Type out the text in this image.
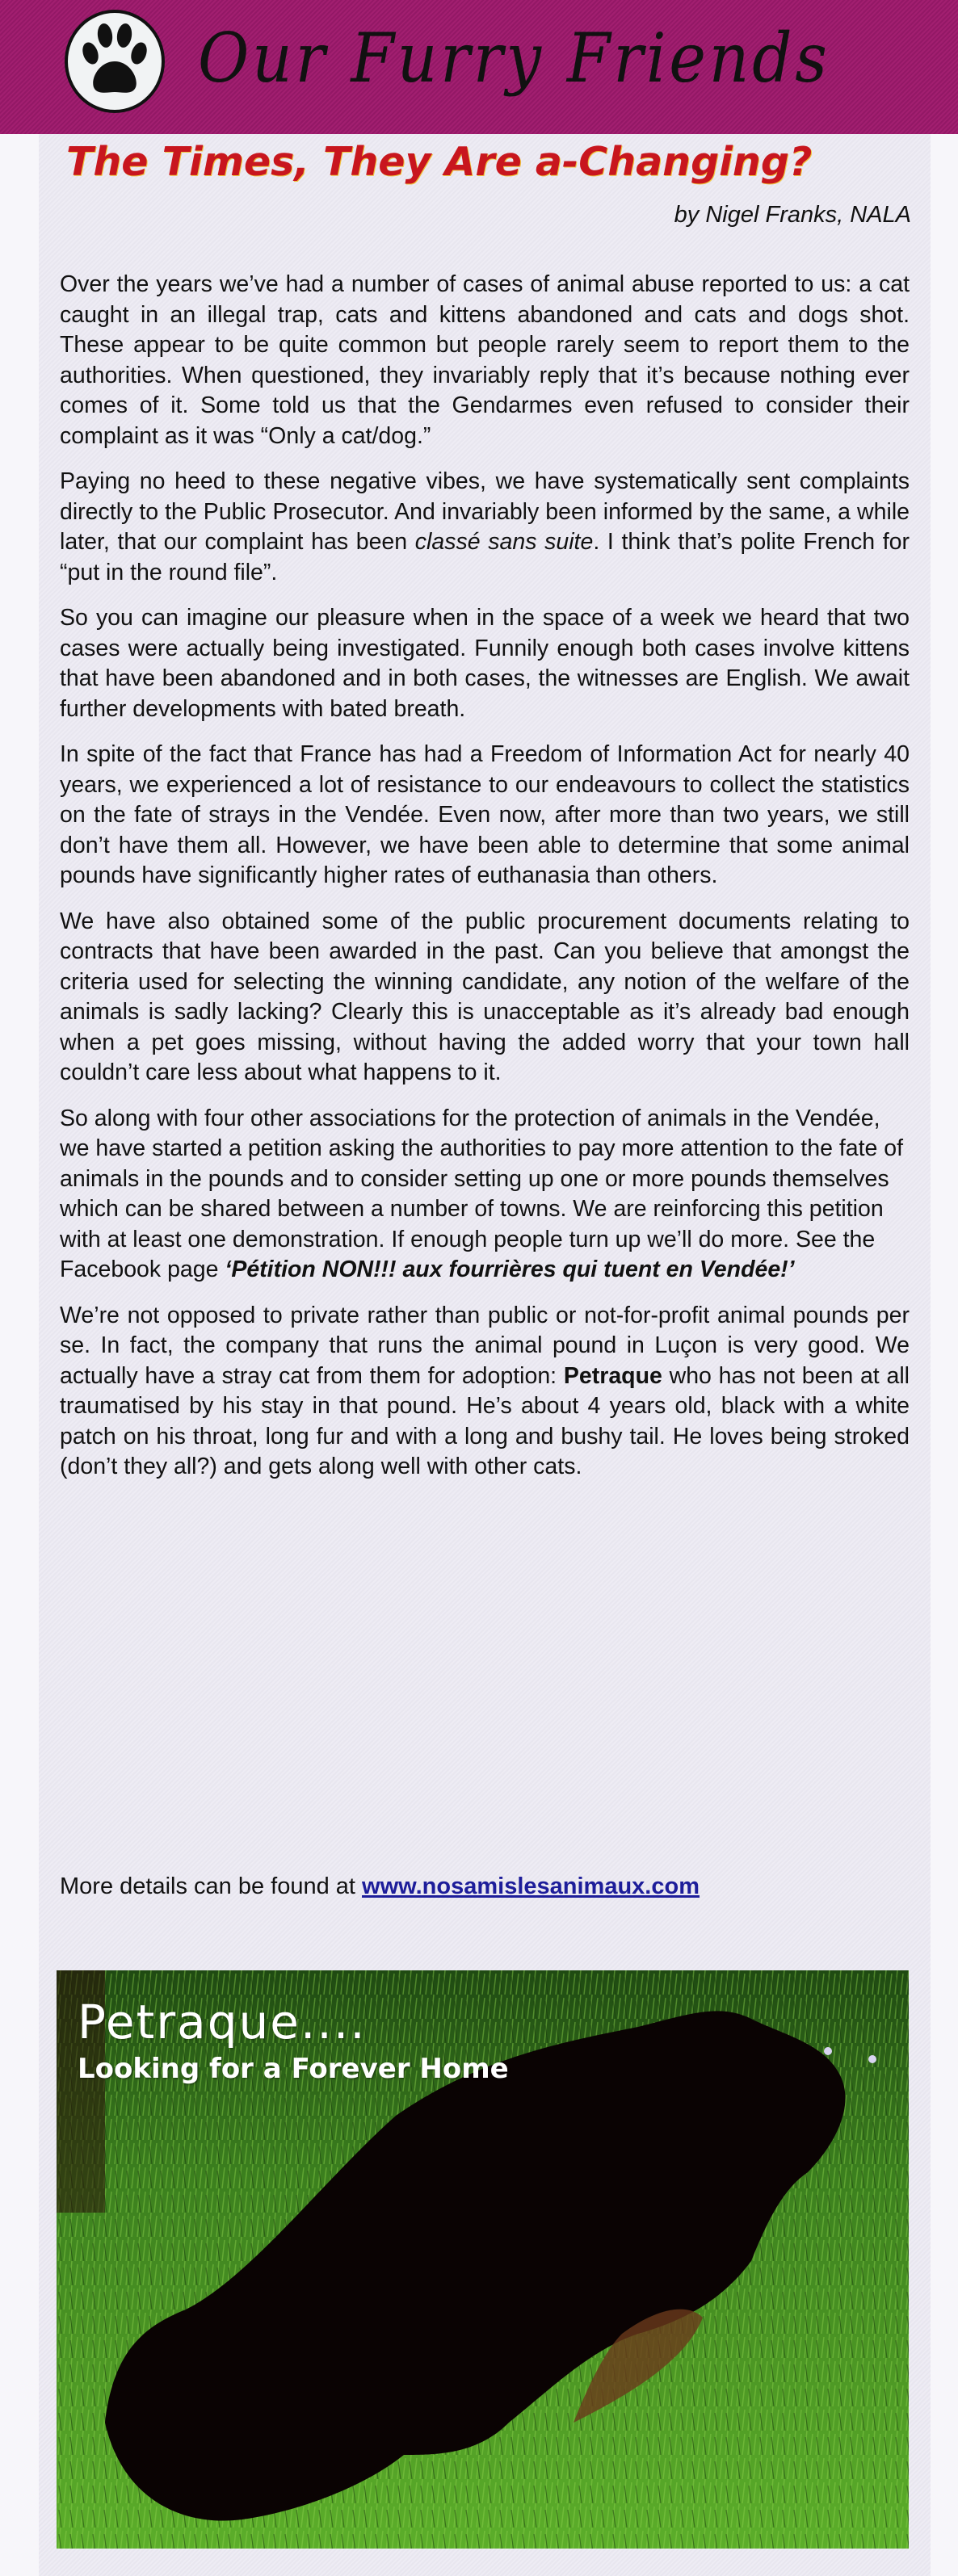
Our Furry Friends
The Times, They Are a-Changing?
by Nigel Franks, NALA

Over the years we’ve had a number of cases of animal abuse reported to us: a cat caught in an illegal trap, cats and kittens abandoned and cats and dogs shot. These appear to be quite common but people rarely seem to report them to the authorities. When questioned, they invariably reply that it’s because nothing ever comes of it. Some told us that the Gendarmes even refused to consider their complaint as it was “Only a cat/dog.”

Paying no heed to these negative vibes, we have systematically sent complaints directly to the Public Prosecutor. And invariably been informed by the same, a while later, that our complaint has been classé sans suite. I think that’s polite French for “put in the round file”.

So you can imagine our pleasure when in the space of a week we heard that two cases were actually being investigated. Funnily enough both cases involve kittens that have been abandoned and in both cases, the witnesses are English. We await further developments with bated breath.

In spite of the fact that France has had a Freedom of Information Act for nearly 40 years, we experienced a lot of resistance to our endeavours to collect the statistics on the fate of strays in the Vendée. Even now, after more than two years, we still don’t have them all. However, we have been able to determine that some animal pounds have significantly higher rates of euthanasia than others.

We have also obtained some of the public procurement documents relating to contracts that have been awarded in the past. Can you believe that amongst the criteria used for selecting the winning candidate, any notion of the welfare of the animals is sadly lacking? Clearly this is unacceptable as it’s already bad enough when a pet goes missing, without having the added worry that your town hall couldn’t care less about what happens to it.

So along with four other associations for the protection of animals in the Vendée, we have started a petition asking the authorities to pay more attention to the fate of animals in the pounds and to consider setting up one or more pounds themselves which can be shared between a number of towns. We are reinforcing this petition with at least one demonstration. If enough people turn up we’ll do more. See the Facebook page ‘Pétition NON!!! aux fourrières qui tuent en Vendée!’

We’re not opposed to private rather than public or not-for-profit animal pounds per se. In fact, the company that runs the animal pound in Luçon is very good. We actually have a stray cat from them for adoption: Petraque who has not been at all traumatised by his stay in that pound. He’s about 4 years old, black with a white patch on his throat, long fur and with a long and bushy tail. He loves being stroked (don’t they all?) and gets along well with other cats.

More details can be found at www.nosamislesanimaux.com
Petraque....
Looking for a Forever Home
